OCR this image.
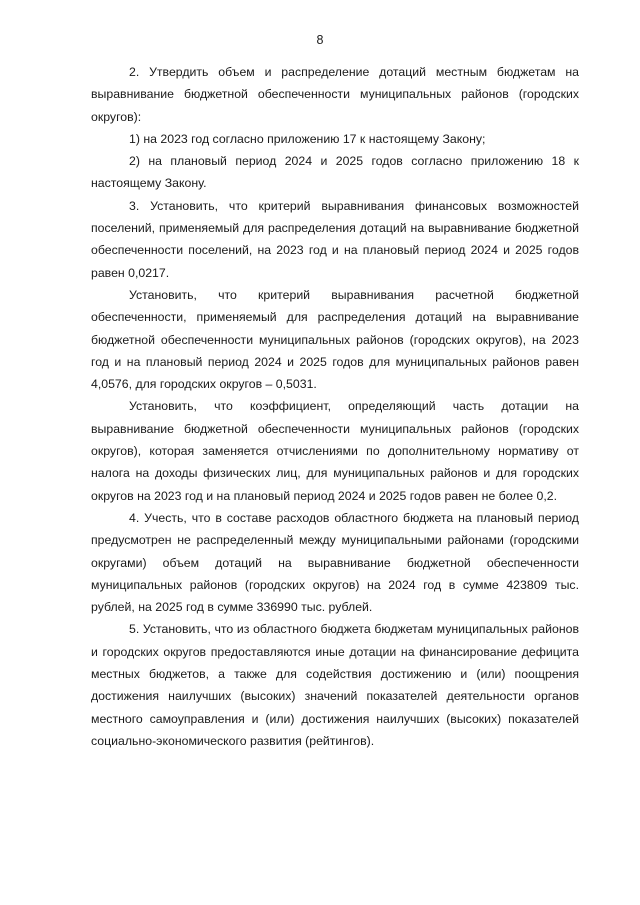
8

2. Утвердить объем и распределение дотаций местным бюджетам на выравнивание бюджетной обеспеченности муниципальных районов (городских округов):

1) на 2023 год согласно приложению 17 к настоящему Закону;

2) на плановый период 2024 и 2025 годов согласно приложению 18 к настоящему Закону.

3. Установить, что критерий выравнивания финансовых возможностей поселений, применяемый для распределения дотаций на выравнивание бюджетной обеспеченности поселений, на 2023 год и на плановый период 2024 и 2025 годов равен 0,0217.

Установить, что критерий выравнивания расчетной бюджетной обеспеченности, применяемый для распределения дотаций на выравнивание бюджетной обеспеченности муниципальных районов (городских округов), на 2023 год и на плановый период 2024 и 2025 годов для муниципальных районов равен 4,0576, для городских округов – 0,5031.

Установить, что коэффициент, определяющий часть дотации на выравнивание бюджетной обеспеченности муниципальных районов (городских округов), которая заменяется отчислениями по дополнительному нормативу от налога на доходы физических лиц, для муниципальных районов и для городских округов на 2023 год и на плановый период 2024 и 2025 годов равен не более 0,2.

4. Учесть, что в составе расходов областного бюджета на плановый период предусмотрен не распределенный между муниципальными районами (городскими округами) объем дотаций на выравнивание бюджетной обеспеченности муниципальных районов (городских округов) на 2024 год в сумме 423809 тыс. рублей, на 2025 год в сумме 336990 тыс. рублей.

5. Установить, что из областного бюджета бюджетам муниципальных районов и городских округов предоставляются иные дотации на финансирование дефицита местных бюджетов, а также для содействия достижению и (или) поощрения достижения наилучших (высоких) значений показателей деятельности органов местного самоуправления и (или) достижения наилучших (высоких) показателей социально-экономического развития (рейтингов).
